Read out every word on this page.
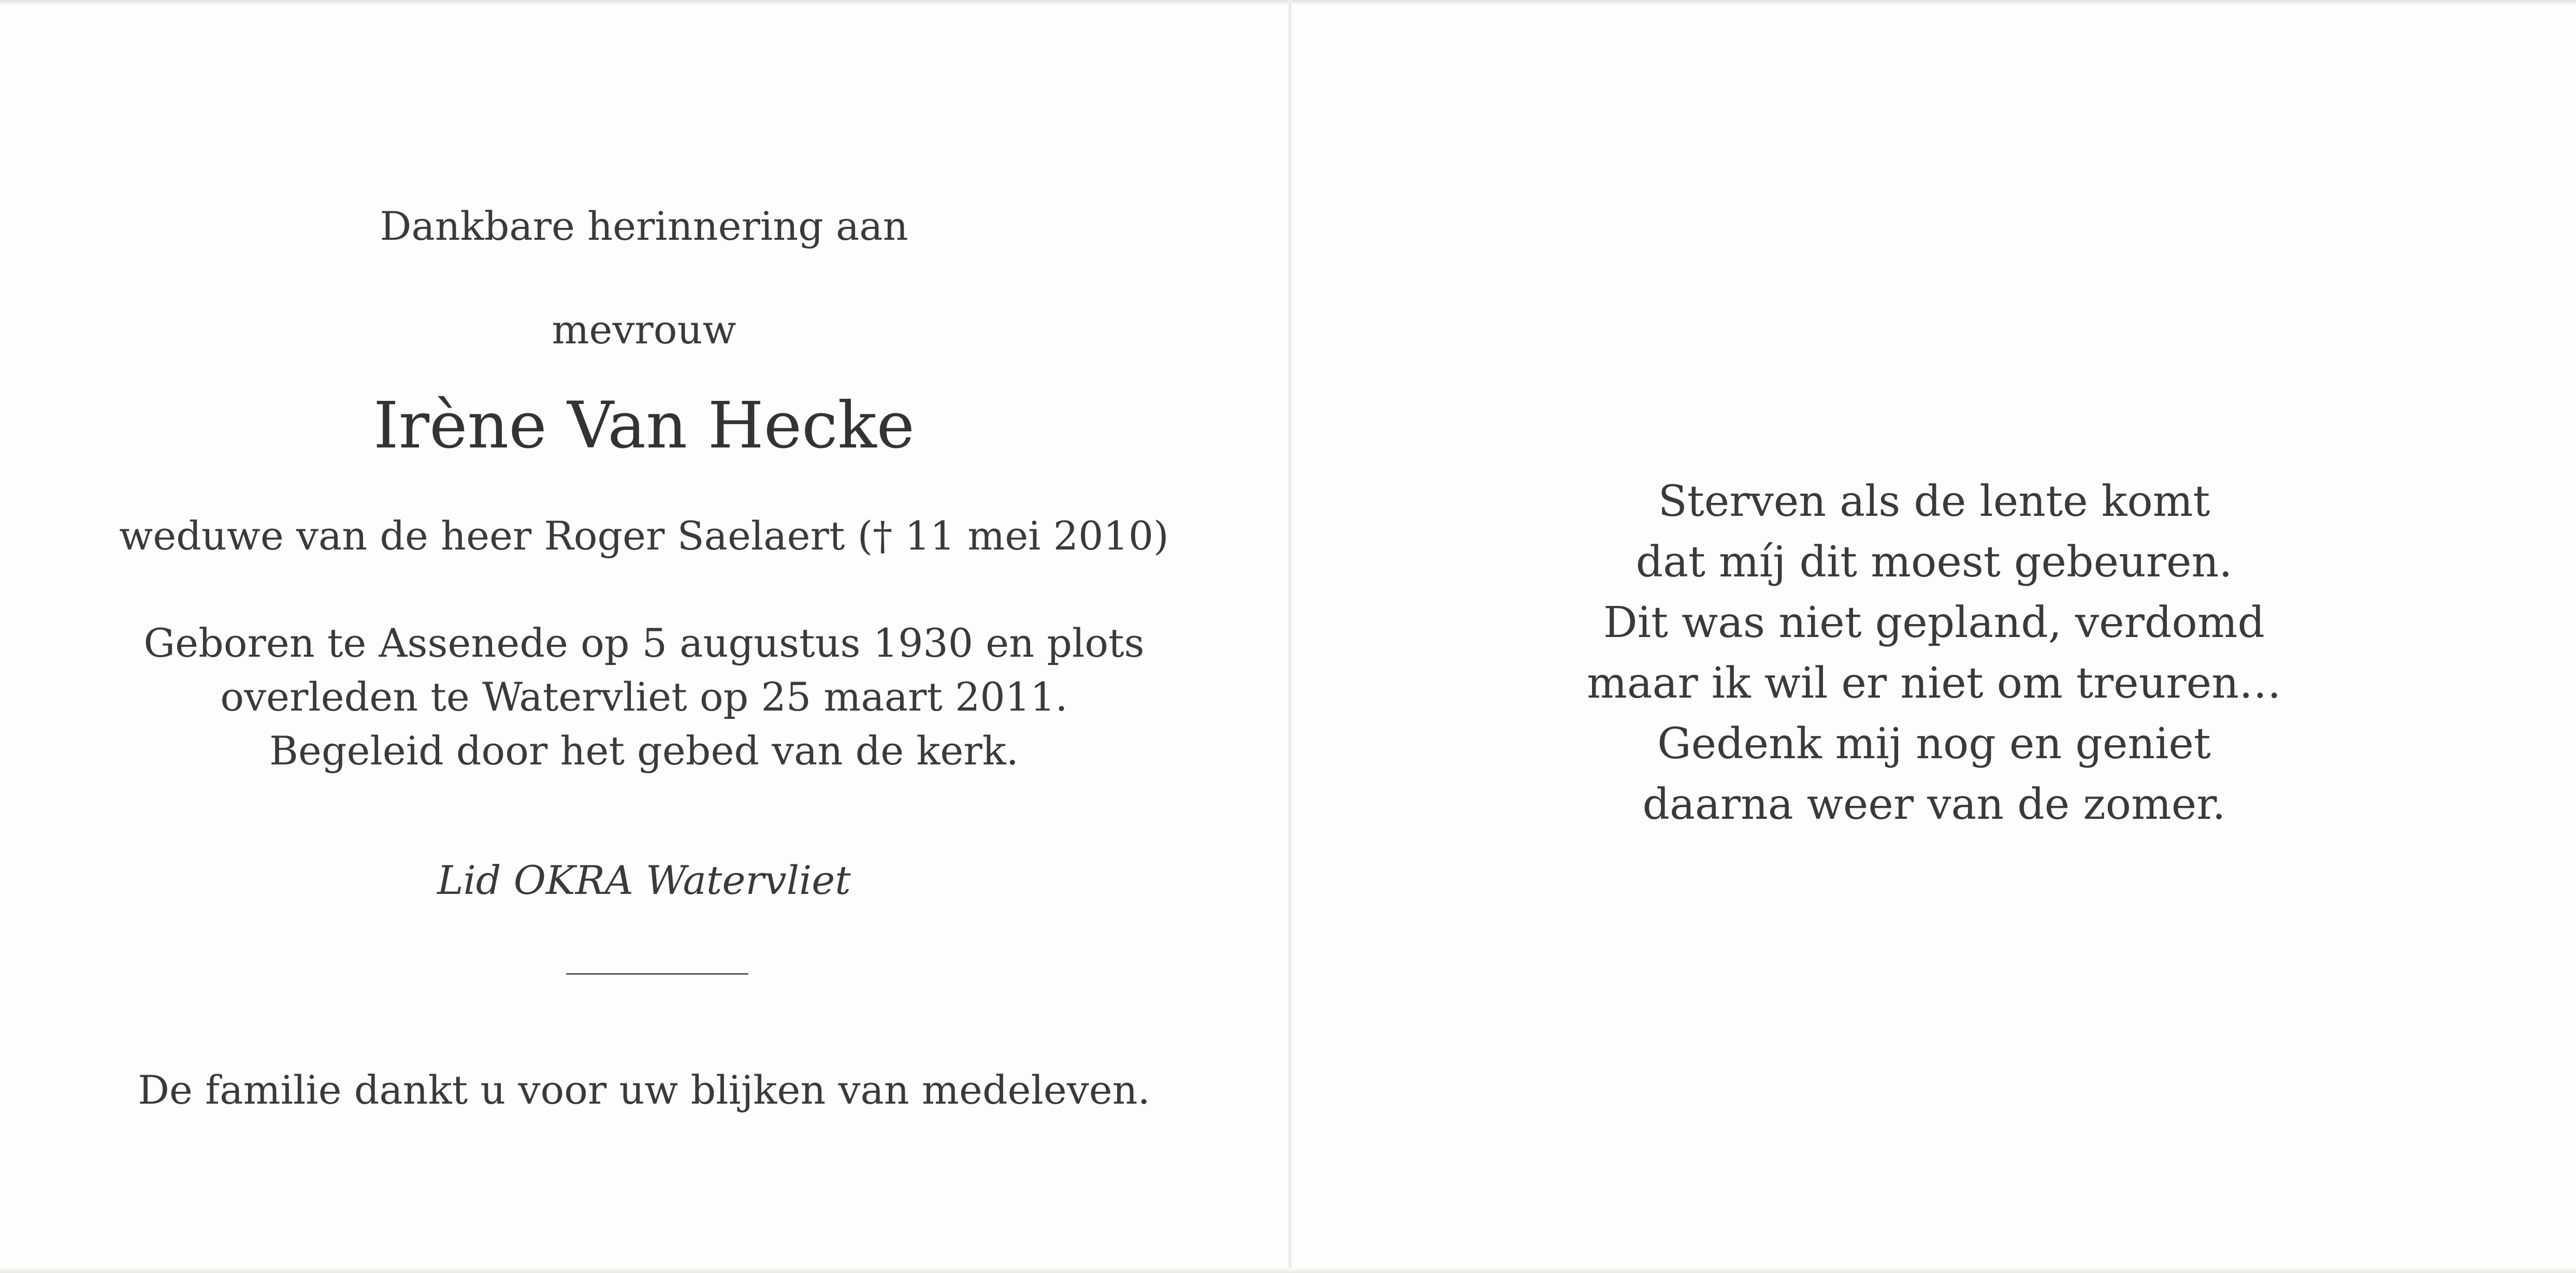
Dankbare herinnering aan
mevrouw
Irène Van Hecke
weduwe van de heer Roger Saelaert († 11 mei 2010)
Geboren te Assenede op 5 augustus 1930 en plots
overleden te Watervliet op 25 maart 2011.
Begeleid door het gebed van de kerk.
Lid OKRA Watervliet
De familie dankt u voor uw blijken van medeleven.
Sterven als de lente komt
dat míj dit moest gebeuren.
Dit was niet gepland, verdomd
maar ik wil er niet om treuren…
Gedenk mij nog en geniet
daarna weer van de zomer.
